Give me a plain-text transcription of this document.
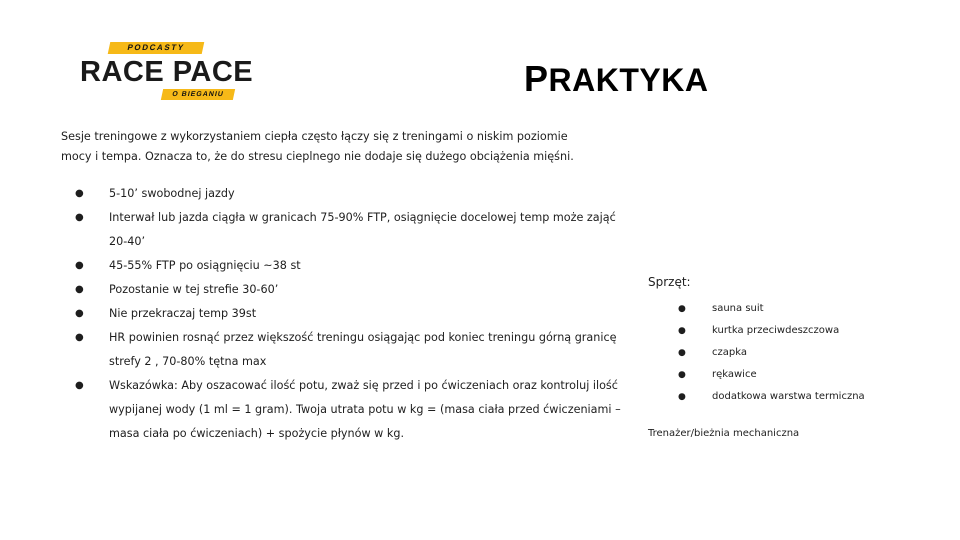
PODCASTY
RACE PACE
O BIEGANIU	PRAKTYKA
Sesje treningowe z wykorzystaniem ciepła często łączy się z treningami o niskim poziomie mocy i tempa. Oznacza to, że do stresu cieplnego nie dodaje się dużego obciążenia mięśni.
● 5-10’ swobodnej jazdy
● Interwał lub jazda ciągła w granicach 75-90% FTP, osiągnięcie docelowej temp może zająć 20-40’
● 45-55% FTP po osiągnięciu ~38 st
● Pozostanie w tej strefie 30-60’
● Nie przekraczaj temp 39st
● HR powinien rosnąć przez większość treningu osiągając pod koniec treningu górną granicę strefy 2 , 70-80% tętna max
● Wskazówka: Aby oszacować ilość potu, zważ się przed i po ćwiczeniach oraz kontroluj ilość wypijanej wody (1 ml = 1 gram). Twoja utrata potu w kg = (masa ciała przed ćwiczeniami – masa ciała po ćwiczeniach) + spożycie płynów w kg.
Sprzęt:
● sauna suit
● kurtka przeciwdeszczowa
● czapka
● rękawice
● dodatkowa warstwa termiczna
Trenażer/bieżnia mechaniczna
